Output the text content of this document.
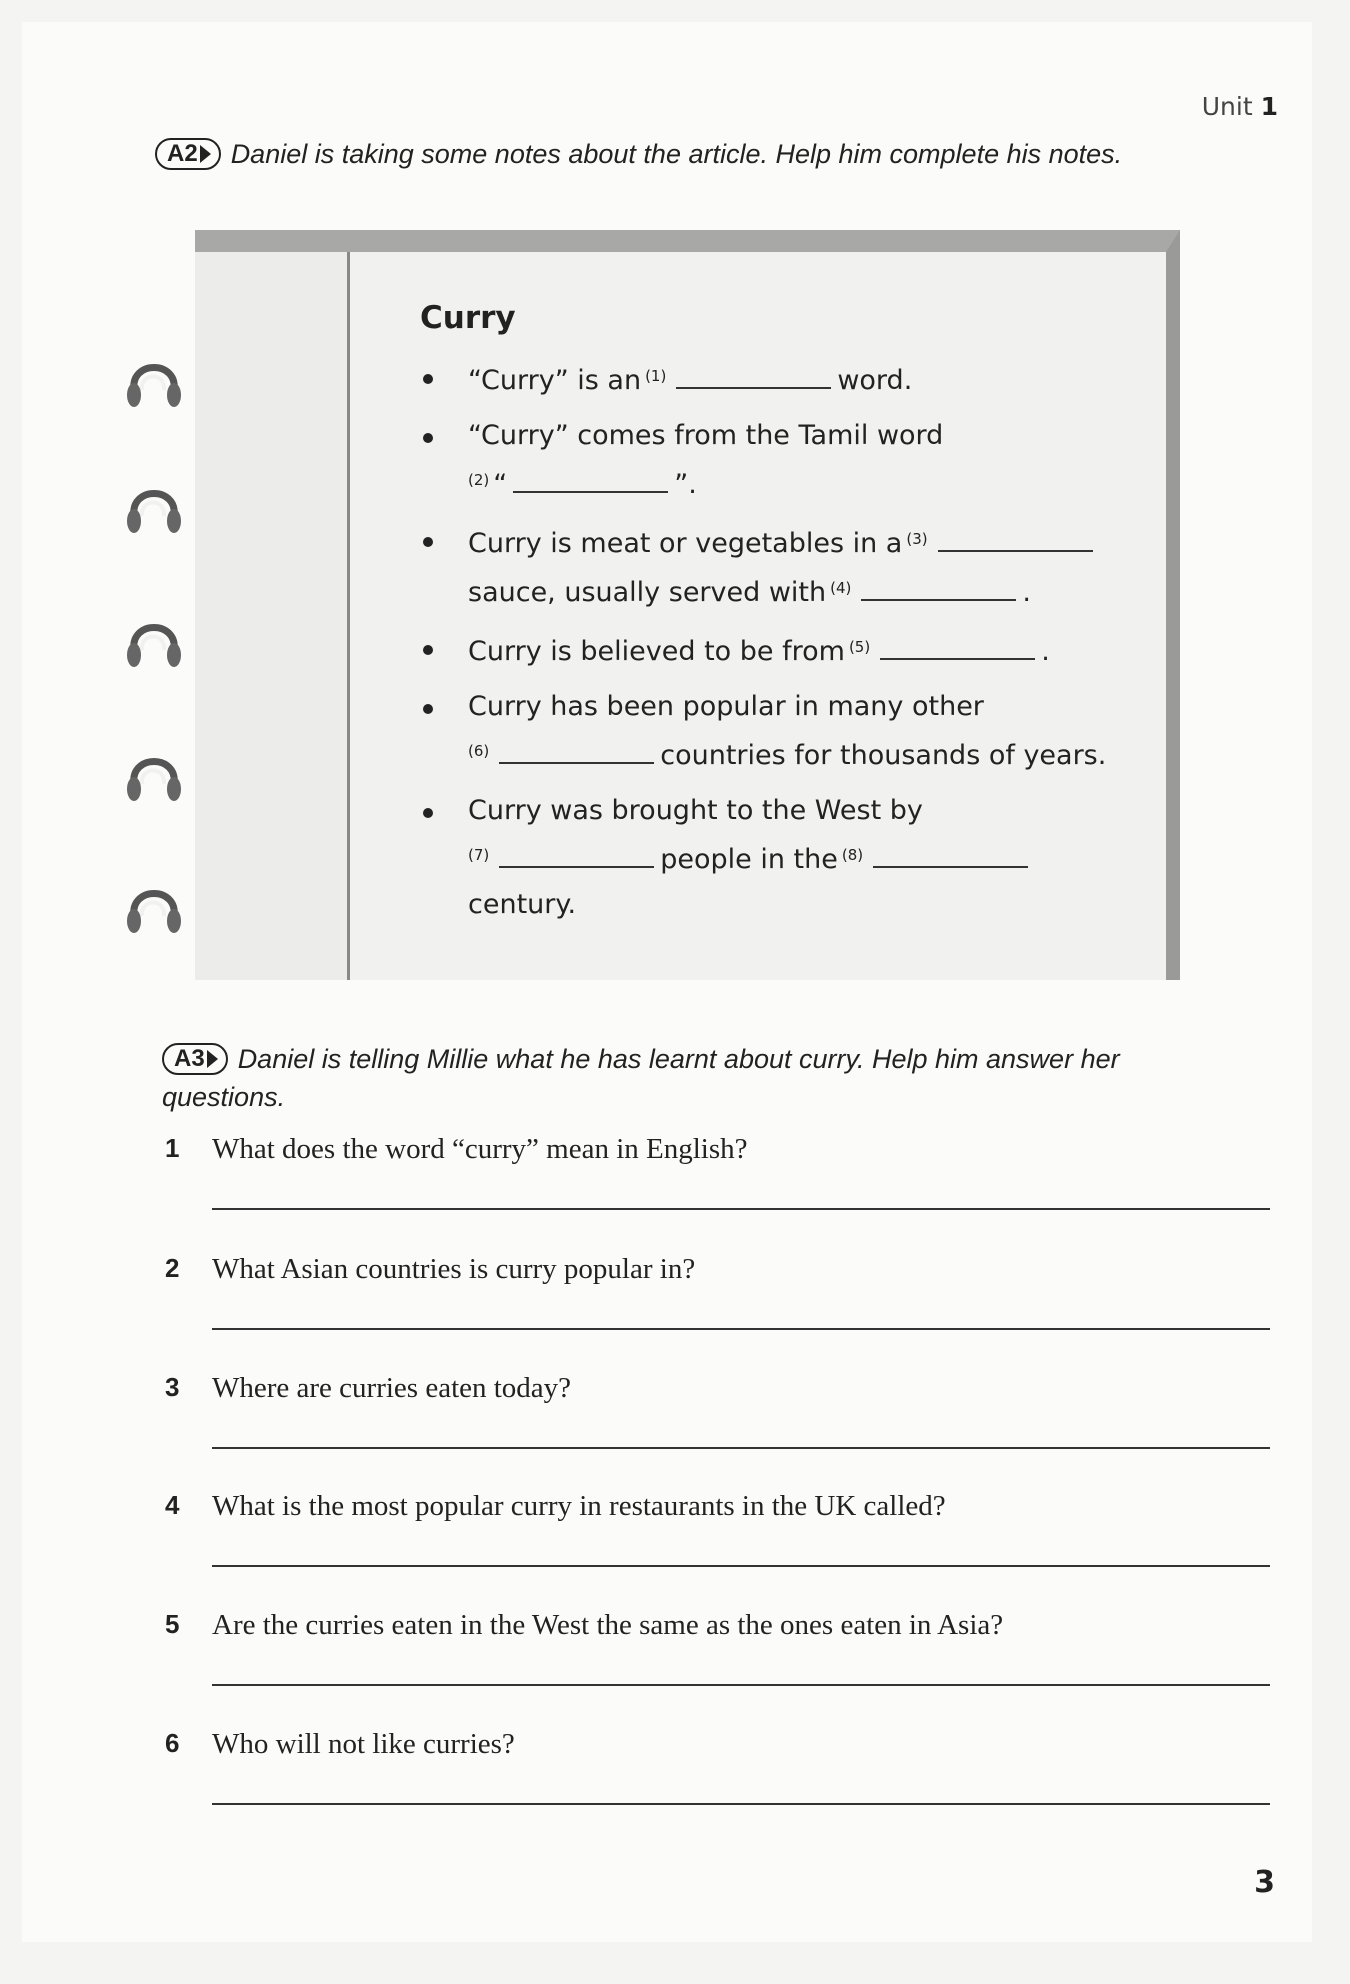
Unit 1
A2 Daniel is taking some notes about the article. Help him complete his notes.
Curry
“Curry” is an $^{(1)}$	word.
“Curry” comes from the Tamil word
$^{(2)}$ “	”.
Curry is meat or vegetables in a $^{(3)}$
sauce, usually served with $^{(4)}$	.
Curry is believed to be from $^{(5)}$	.
Curry has been popular in many other
$^{(6)}$	countries for thousands of years.
Curry was brought to the West by
$^{(7)}$	people in the $^{(8)}$
century.
A3 Daniel is telling Millie what he has learnt about curry. Help him answer her questions.
1 What does the word “curry” mean in English?
2 What Asian countries is curry popular in?
3 Where are curries eaten today?
4 What is the most popular curry in restaurants in the UK called?
5 Are the curries eaten in the West the same as the ones eaten in Asia?
6 Who will not like curries?
3
